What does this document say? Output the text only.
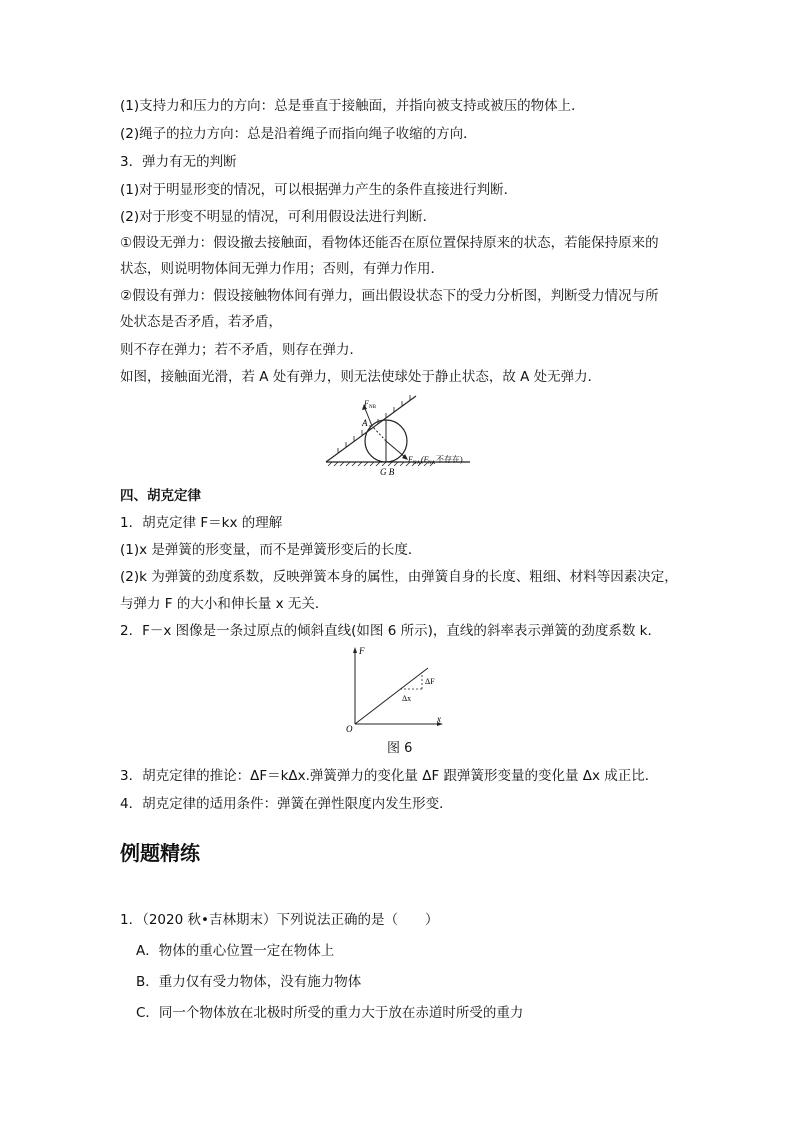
(1)支持力和压力的方向：总是垂直于接触面，并指向被支持或被压的物体上．
(2)绳子的拉力方向：总是沿着绳子而指向绳子收缩的方向．
3．弹力有无的判断
(1)对于明显形变的情况，可以根据弹力产生的条件直接进行判断．
(2)对于形变不明显的情况，可利用假设法进行判断．
①假设无弹力：假设撤去接触面，看物体还能否在原位置保持原来的状态，若能保持原来的
状态，则说明物体间无弹力作用；否则，有弹力作用．
②假设有弹力：假设接触物体间有弹力，画出假设状态下的受力分析图，判断受力情况与所
处状态是否矛盾，若矛盾，
则不存在弹力；若不矛盾，则存在弹力．
如图，接触面光滑，若 A 处有弹力，则无法使球处于静止状态，故 A 处无弹力．
F NB
A
G B
F NA (F NA 不存在)
四、胡克定律
1．胡克定律 F＝kx 的理解
(1)x 是弹簧的形变量，而不是弹簧形变后的长度．
(2)k 为弹簧的劲度系数，反映弹簧本身的属性，由弹簧自身的长度、粗细、材料等因素决定，
与弹力 F 的大小和伸长量 x 无关．
2．F－x 图像是一条过原点的倾斜直线(如图 6 所示)，直线的斜率表示弹簧的劲度系数 k.
F
x
O
ΔF
Δx
图 6
3．胡克定律的推论：ΔF＝kΔx.弹簧弹力的变化量 ΔF 跟弹簧形变量的变化量 Δx 成正比．
4．胡克定律的适用条件：弹簧在弹性限度内发生形变．
例题精练
1．（2020 秋•吉林期末）下列说法正确的是（　　）
A．物体的重心位置一定在物体上
B．重力仅有受力物体，没有施力物体
C．同一个物体放在北极时所受的重力大于放在赤道时所受的重力
